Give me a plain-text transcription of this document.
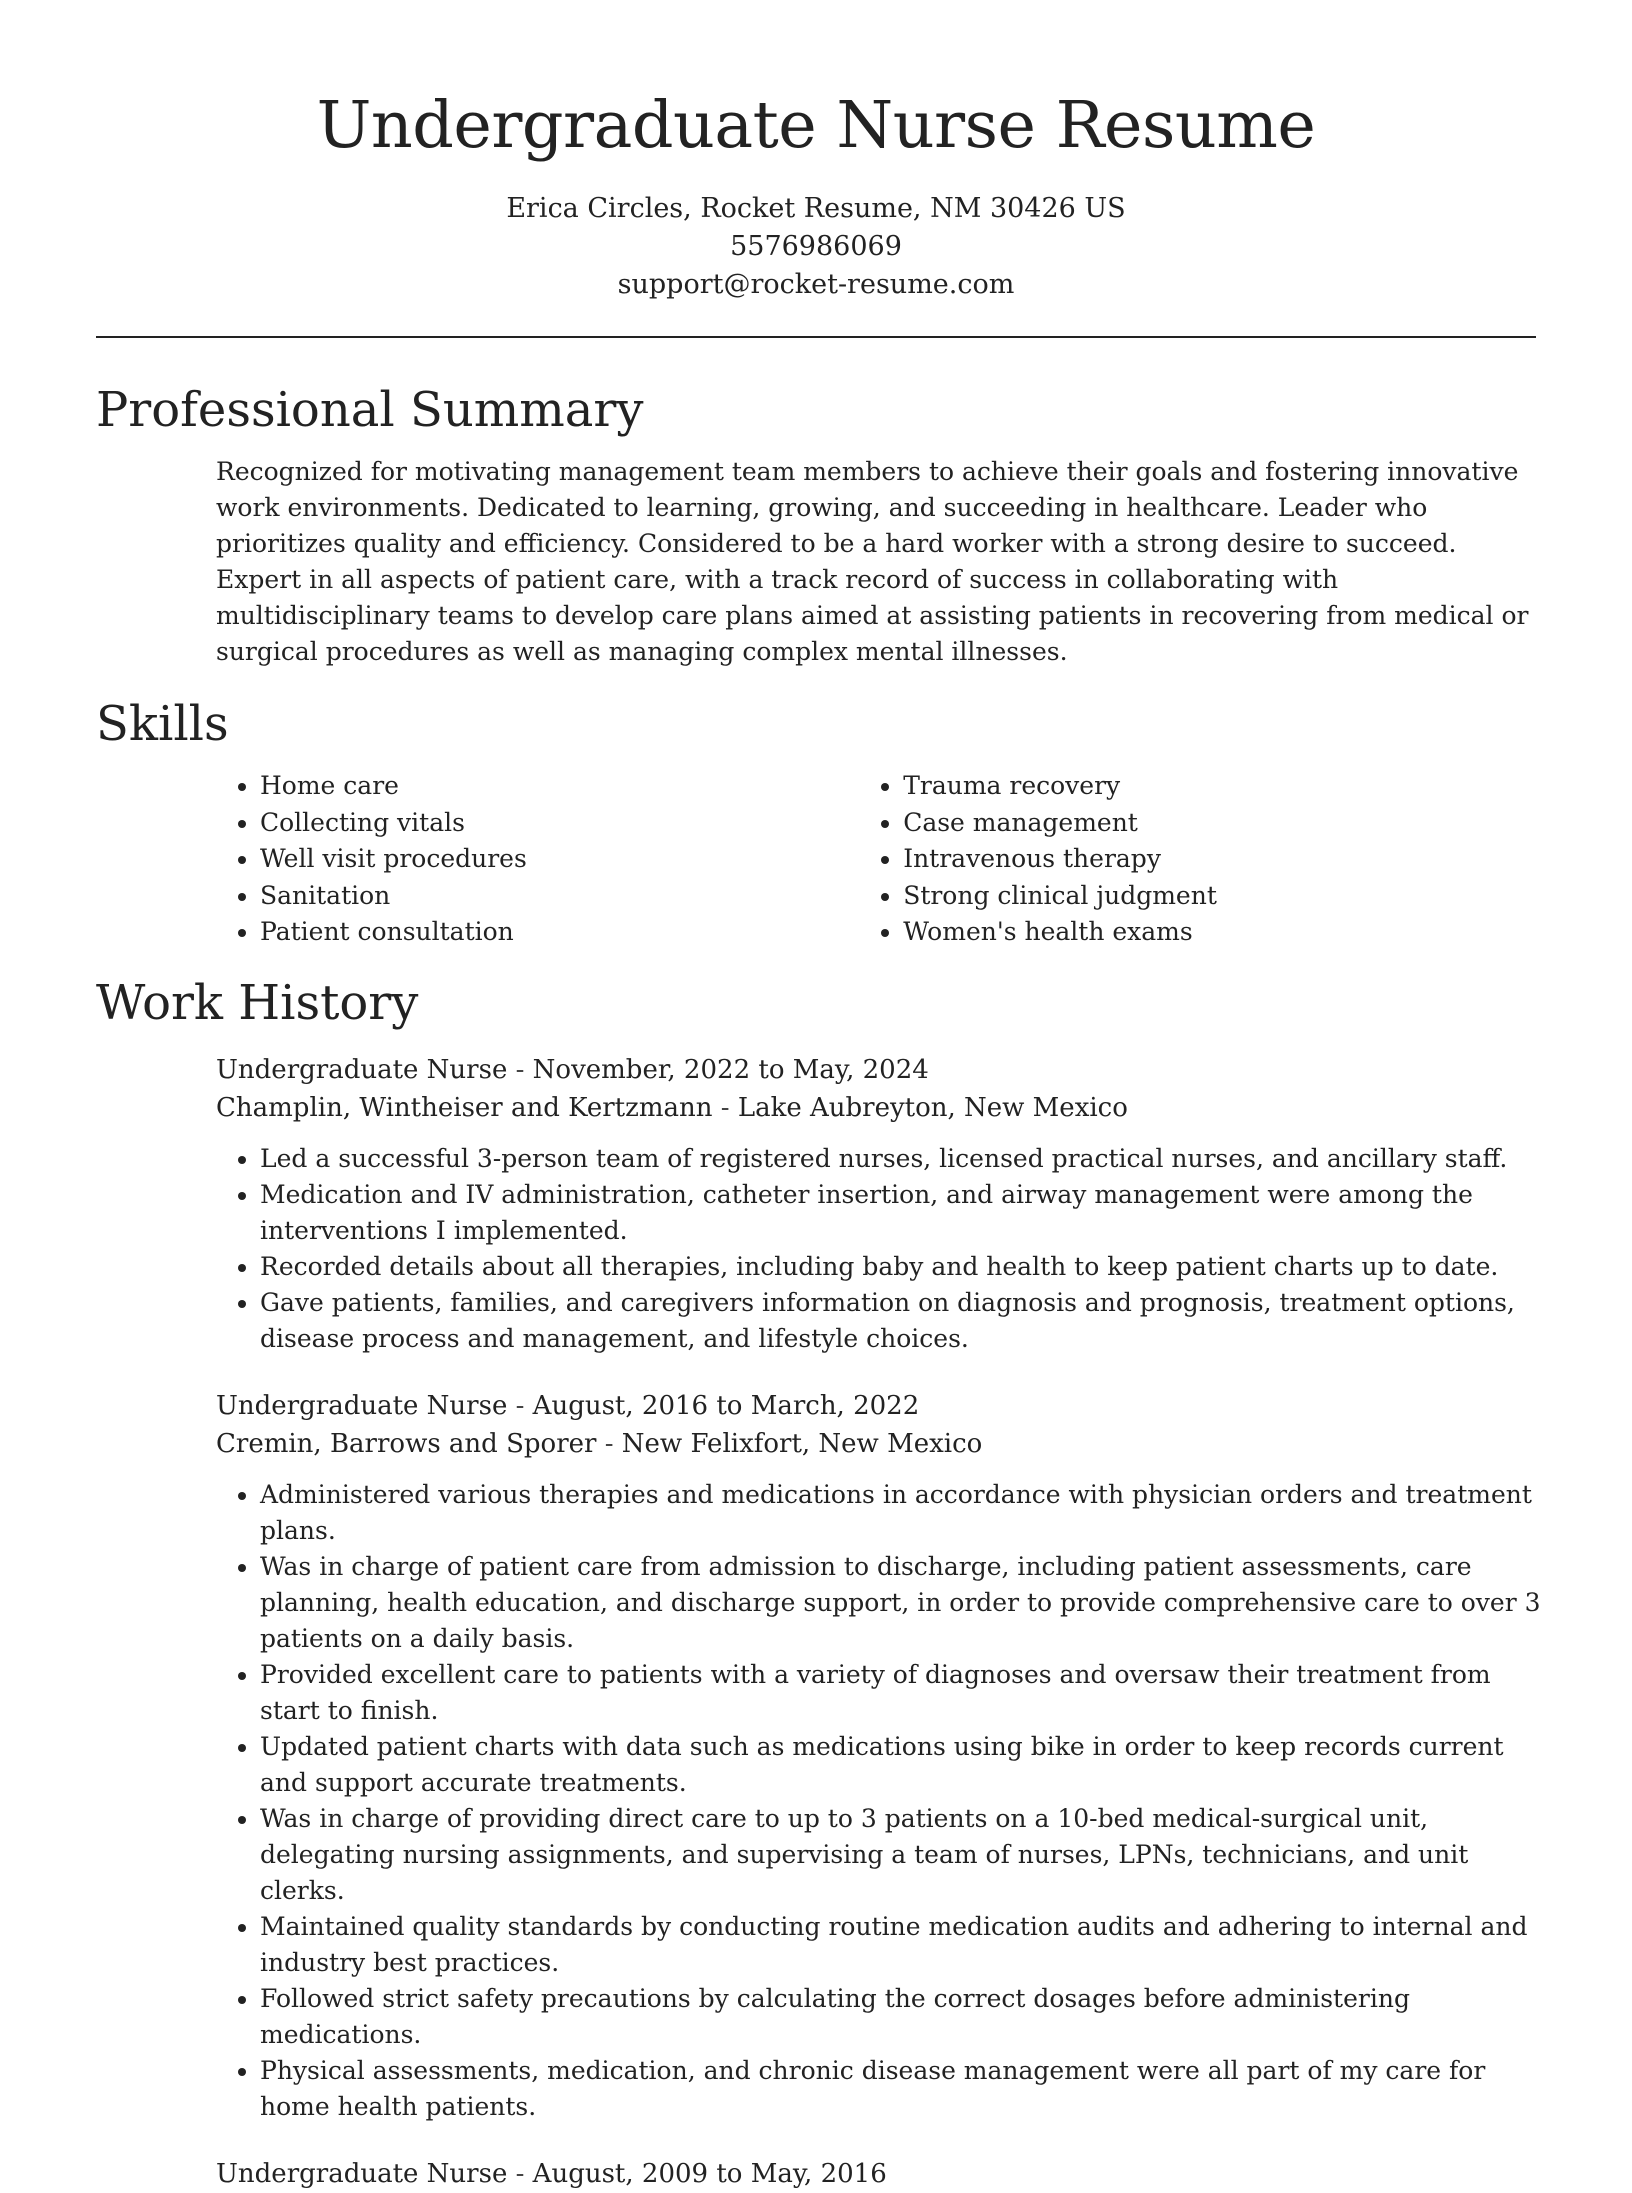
Undergraduate Nurse Resume

Erica Circles, Rocket Resume, NM 30426 US

5576986069

support@rocket-resume.com

Professional Summary

Recognized for motivating management team members to achieve their goals and fostering innovative work environments. Dedicated to learning, growing, and succeeding in healthcare. Leader who prioritizes quality and efficiency. Considered to be a hard worker with a strong desire to succeed. Expert in all aspects of patient care, with a track record of success in collaborating with multidisciplinary teams to develop care plans aimed at assisting patients in recovering from medical or surgical procedures as well as managing complex mental illnesses.

Skills
• Home care
• Collecting vitals
• Well visit procedures
• Sanitation
• Patient consultation
• Trauma recovery
• Case management
• Intravenous therapy
• Strong clinical judgment
• Women's health exams
Work History

Undergraduate Nurse - November, 2022 to May, 2024

Champlin, Wintheiser and Kertzmann - Lake Aubreyton, New Mexico

• Led a successful 3-person team of registered nurses, licensed practical nurses, and ancillary staff.
• Medication and IV administration, catheter insertion, and airway management were among the interventions I implemented.
• Recorded details about all therapies, including baby and health to keep patient charts up to date.
• Gave patients, families, and caregivers information on diagnosis and prognosis, treatment options, disease process and management, and lifestyle choices.

Undergraduate Nurse - August, 2016 to March, 2022

Cremin, Barrows and Sporer - New Felixfort, New Mexico

• Administered various therapies and medications in accordance with physician orders and treatment plans.
• Was in charge of patient care from admission to discharge, including patient assessments, care planning, health education, and discharge support, in order to provide comprehensive care to over 3 patients on a daily basis.
• Provided excellent care to patients with a variety of diagnoses and oversaw their treatment from start to finish.
• Updated patient charts with data such as medications using bike in order to keep records current and support accurate treatments.
• Was in charge of providing direct care to up to 3 patients on a 10-bed medical-surgical unit, delegating nursing assignments, and supervising a team of nurses, LPNs, technicians, and unit clerks.
• Maintained quality standards by conducting routine medication audits and adhering to internal and industry best practices.
• Followed strict safety precautions by calculating the correct dosages before administering medications.
• Physical assessments, medication, and chronic disease management were all part of my care for home health patients.

Undergraduate Nurse - August, 2009 to May, 2016
